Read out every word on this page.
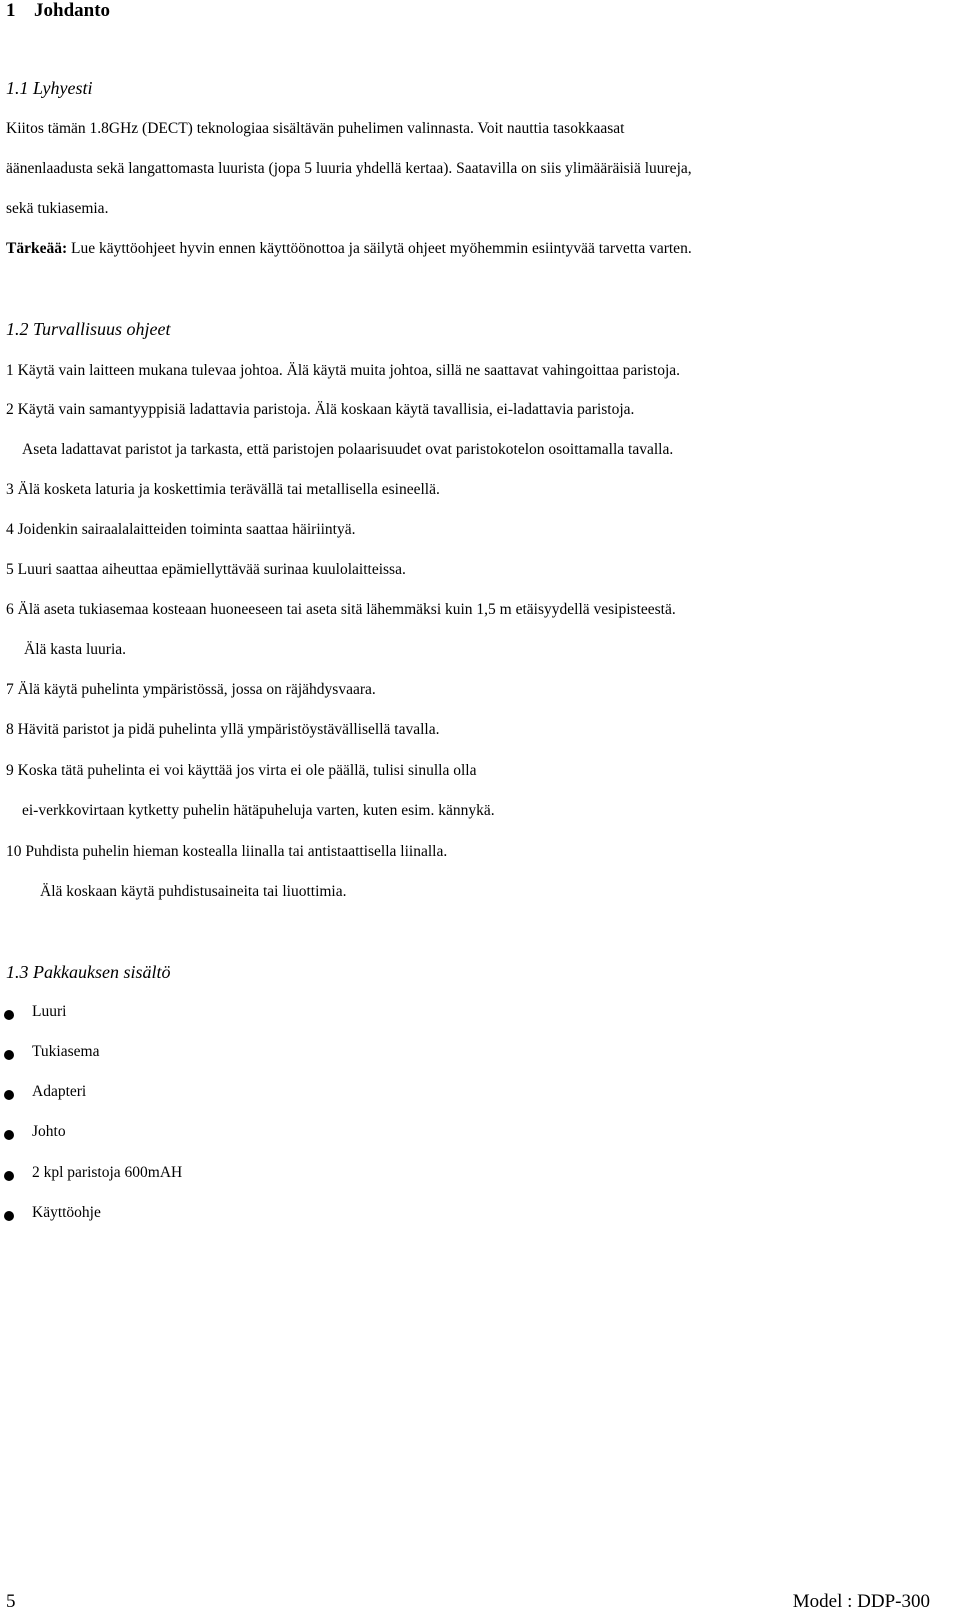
1 Johdanto
1.1 Lyhyesti
Kiitos tämän 1.8GHz (DECT) teknologiaa sisältävän puhelimen valinnasta. Voit nauttia tasokkaasat
äänenlaadusta sekä langattomasta luurista (jopa 5 luuria yhdellä kertaa). Saatavilla on siis ylimääräisiä luureja,
sekä tukiasemia.
Tärkeää: Lue käyttöohjeet hyvin ennen käyttöönottoa ja säilytä ohjeet myöhemmin esiintyvää tarvetta varten.
1.2 Turvallisuus ohjeet
1 Käytä vain laitteen mukana tulevaa johtoa. Älä käytä muita johtoa, sillä ne saattavat vahingoittaa paristoja.
2 Käytä vain samantyyppisiä ladattavia paristoja. Älä koskaan käytä tavallisia, ei-ladattavia paristoja.
Aseta ladattavat paristot ja tarkasta, että paristojen polaarisuudet ovat paristokotelon osoittamalla tavalla.
3 Älä kosketa laturia ja koskettimia terävällä tai metallisella esineellä.
4 Joidenkin sairaalalaitteiden toiminta saattaa häiriintyä.
5 Luuri saattaa aiheuttaa epämiellyttävää surinaa kuulolaitteissa.
6 Älä aseta tukiasemaa kosteaan huoneeseen tai aseta sitä lähemmäksi kuin 1,5 m etäisyydellä vesipisteestä.
Älä kasta luuria.
7 Älä käytä puhelinta ympäristössä, jossa on räjähdysvaara.
8 Hävitä paristot ja pidä puhelinta yllä ympäristöystävällisellä tavalla.
9 Koska tätä puhelinta ei voi käyttää jos virta ei ole päällä, tulisi sinulla olla
ei-verkkovirtaan kytketty puhelin hätäpuheluja varten, kuten esim. kännykä.
10 Puhdista puhelin hieman kostealla liinalla tai antistaattisella liinalla.
Älä koskaan käytä puhdistusaineita tai liuottimia.
1.3 Pakkauksen sisältö
Luuri
Tukiasema
Adapteri
Johto
2 kpl paristoja 600mAH
Käyttöohje
5	Model : DDP-300
